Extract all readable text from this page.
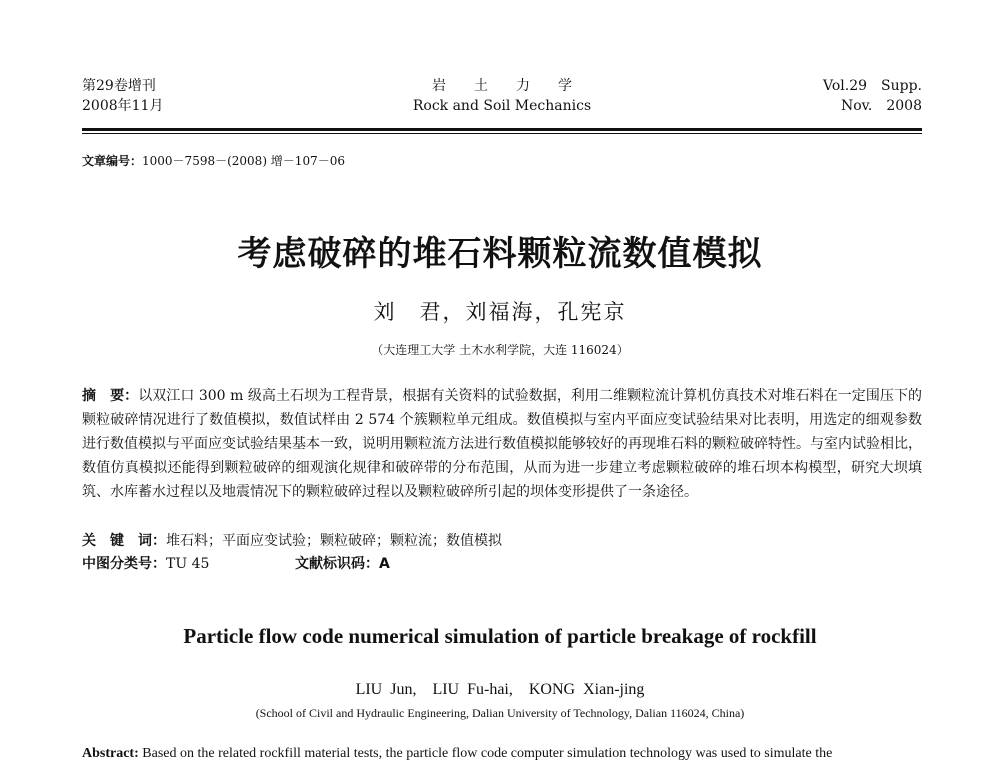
第29卷增刊
2008年11月
岩　　土　　力　　学
Rock and Soil Mechanics
Vol.29　Supp.
Nov.　2008
文章编号：1000－7598－(2008) 增－107－06
考虑破碎的堆石料颗粒流数值模拟
刘　君，刘福海，孔宪京
（大连理工大学 土木水利学院，大连 116024）
摘　要：以双江口 300 m 级高土石坝为工程背景，根据有关资料的试验数据，利用二维颗粒流计算机仿真技术对堆石料在一定围压下的颗粒破碎情况进行了数值模拟，数值试样由 2 574 个簇颗粒单元组成。数值模拟与室内平面应变试验结果对比表明，用选定的细观参数进行数值模拟与平面应变试验结果基本一致，说明用颗粒流方法进行数值模拟能够较好的再现堆石料的颗粒破碎特性。与室内试验相比，数值仿真模拟还能得到颗粒破碎的细观演化规律和破碎带的分布范围，从而为进一步建立考虑颗粒破碎的堆石坝本构模型，研究大坝填筑、水库蓄水过程以及地震情况下的颗粒破碎过程以及颗粒破碎所引起的坝体变形提供了一条途径。
关　键　词：堆石料；平面应变试验；颗粒破碎；颗粒流；数值模拟
中图分类号：TU 45	文献标识码：A
Particle flow code numerical simulation of particle breakage of rockfill
LIU Jun,　LIU Fu-hai,　KONG Xian-jing
(School of Civil and Hydraulic Engineering, Dalian University of Technology, Dalian 116024, China)
Abstract: Based on the related rockfill material tests, the particle flow code computer simulation technology was used to simulate the
